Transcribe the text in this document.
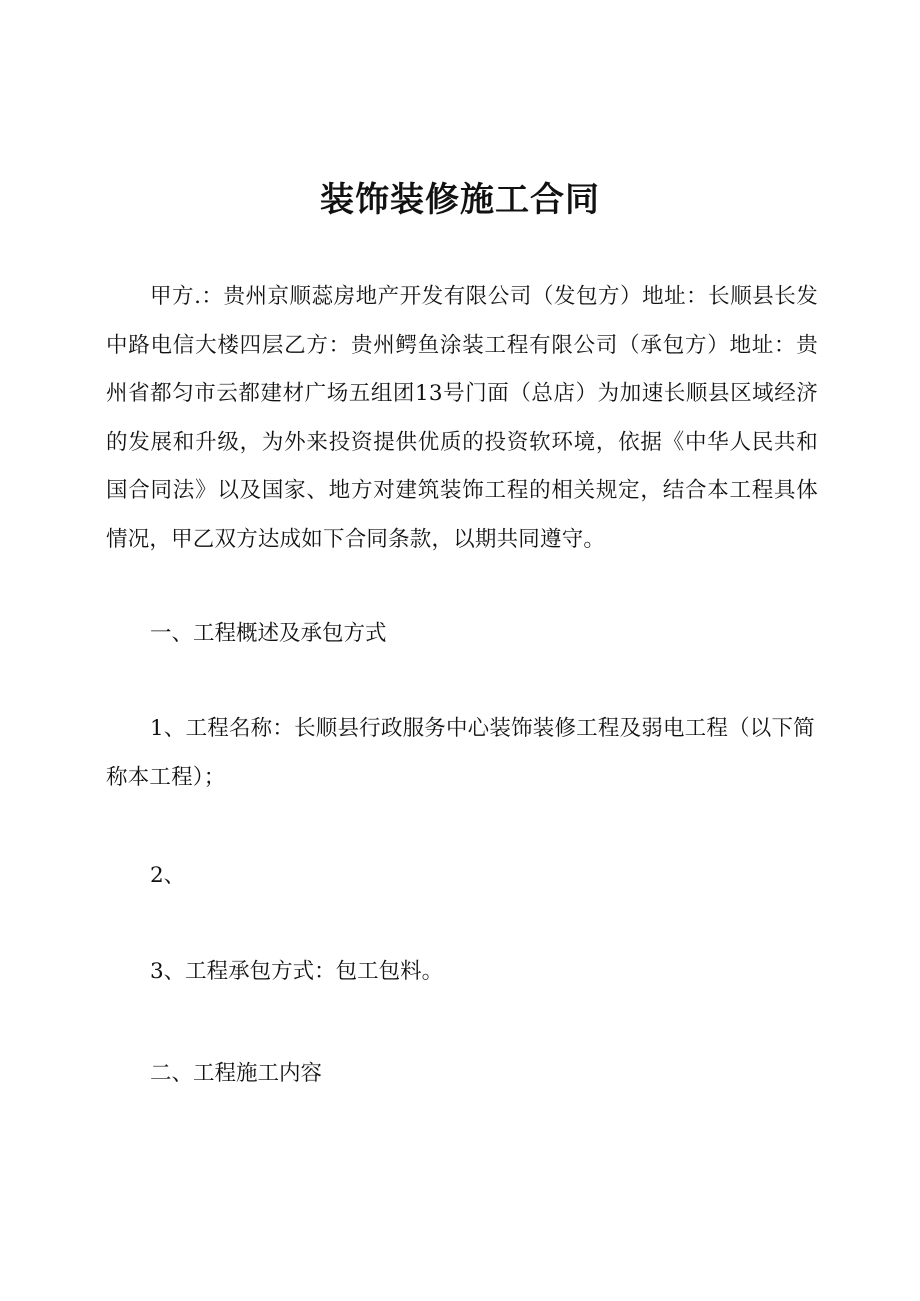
装饰装修施工合同

甲方.：贵州京顺蕊房地产开发有限公司（发包方）地址：长顺县长发中路电信大楼四层乙方：贵州鳄鱼涂装工程有限公司（承包方）地址：贵州省都匀市云都建材广场五组团13号门面（总店）为加速长顺县区域经济的发展和升级，为外来投资提供优质的投资软环境，依据《中华人民共和国合同法》以及国家、地方对建筑装饰工程的相关规定，结合本工程具体情况，甲乙双方达成如下合同条款，以期共同遵守。

一、工程概述及承包方式

1、工程名称：长顺县行政服务中心装饰装修工程及弱电工程（以下简称本工程）；

2、

3、工程承包方式：包工包料。

二、工程施工内容
